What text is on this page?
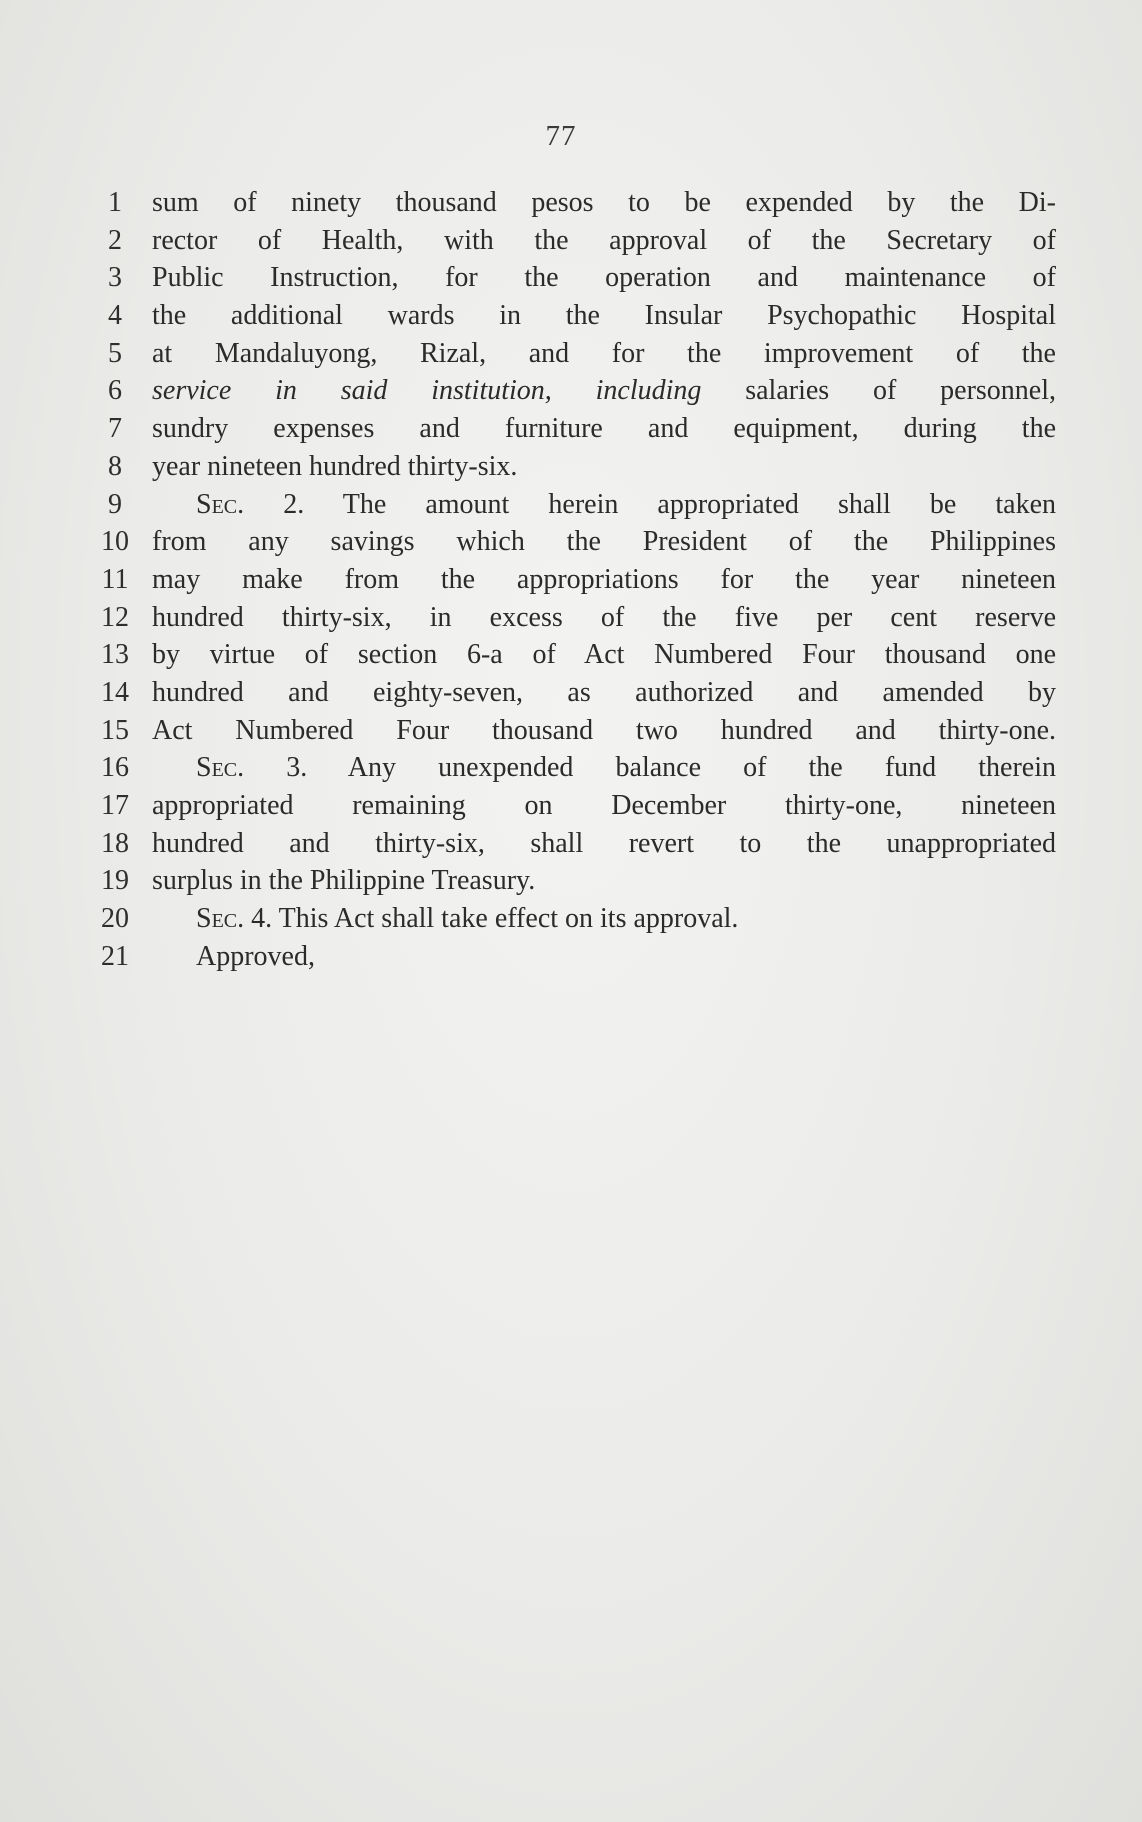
77
1	sum of ninety thousand pesos to be expended by the Di-
2	rector of Health, with the approval of the Secretary of
3	Public Instruction, for the operation and maintenance of
4	the additional wards in the Insular Psychopathic Hospital
5	at Mandaluyong, Rizal, and for the improvement of the
6	service in said institution, including salaries of personnel,
7	sundry expenses and furniture and equipment, during the
8	year nineteen hundred thirty-six.
9	Sec. 2. The amount herein appropriated shall be taken
10 from any savings which the President of the Philippines
11 may make from the appropriations for the year nineteen
12 hundred thirty-six, in excess of the five per cent reserve
13 by virtue of section 6-a of Act Numbered Four thousand one
14 hundred and eighty-seven, as authorized and amended by
15 Act Numbered Four thousand two hundred and thirty-one.
16	Sec. 3. Any unexpended balance of the fund therein
17 appropriated remaining on December thirty-one, nineteen
18 hundred and thirty-six, shall revert to the unappropriated
19 surplus in the Philippine Treasury.
20	Sec. 4. This Act shall take effect on its approval.
21	Approved,
